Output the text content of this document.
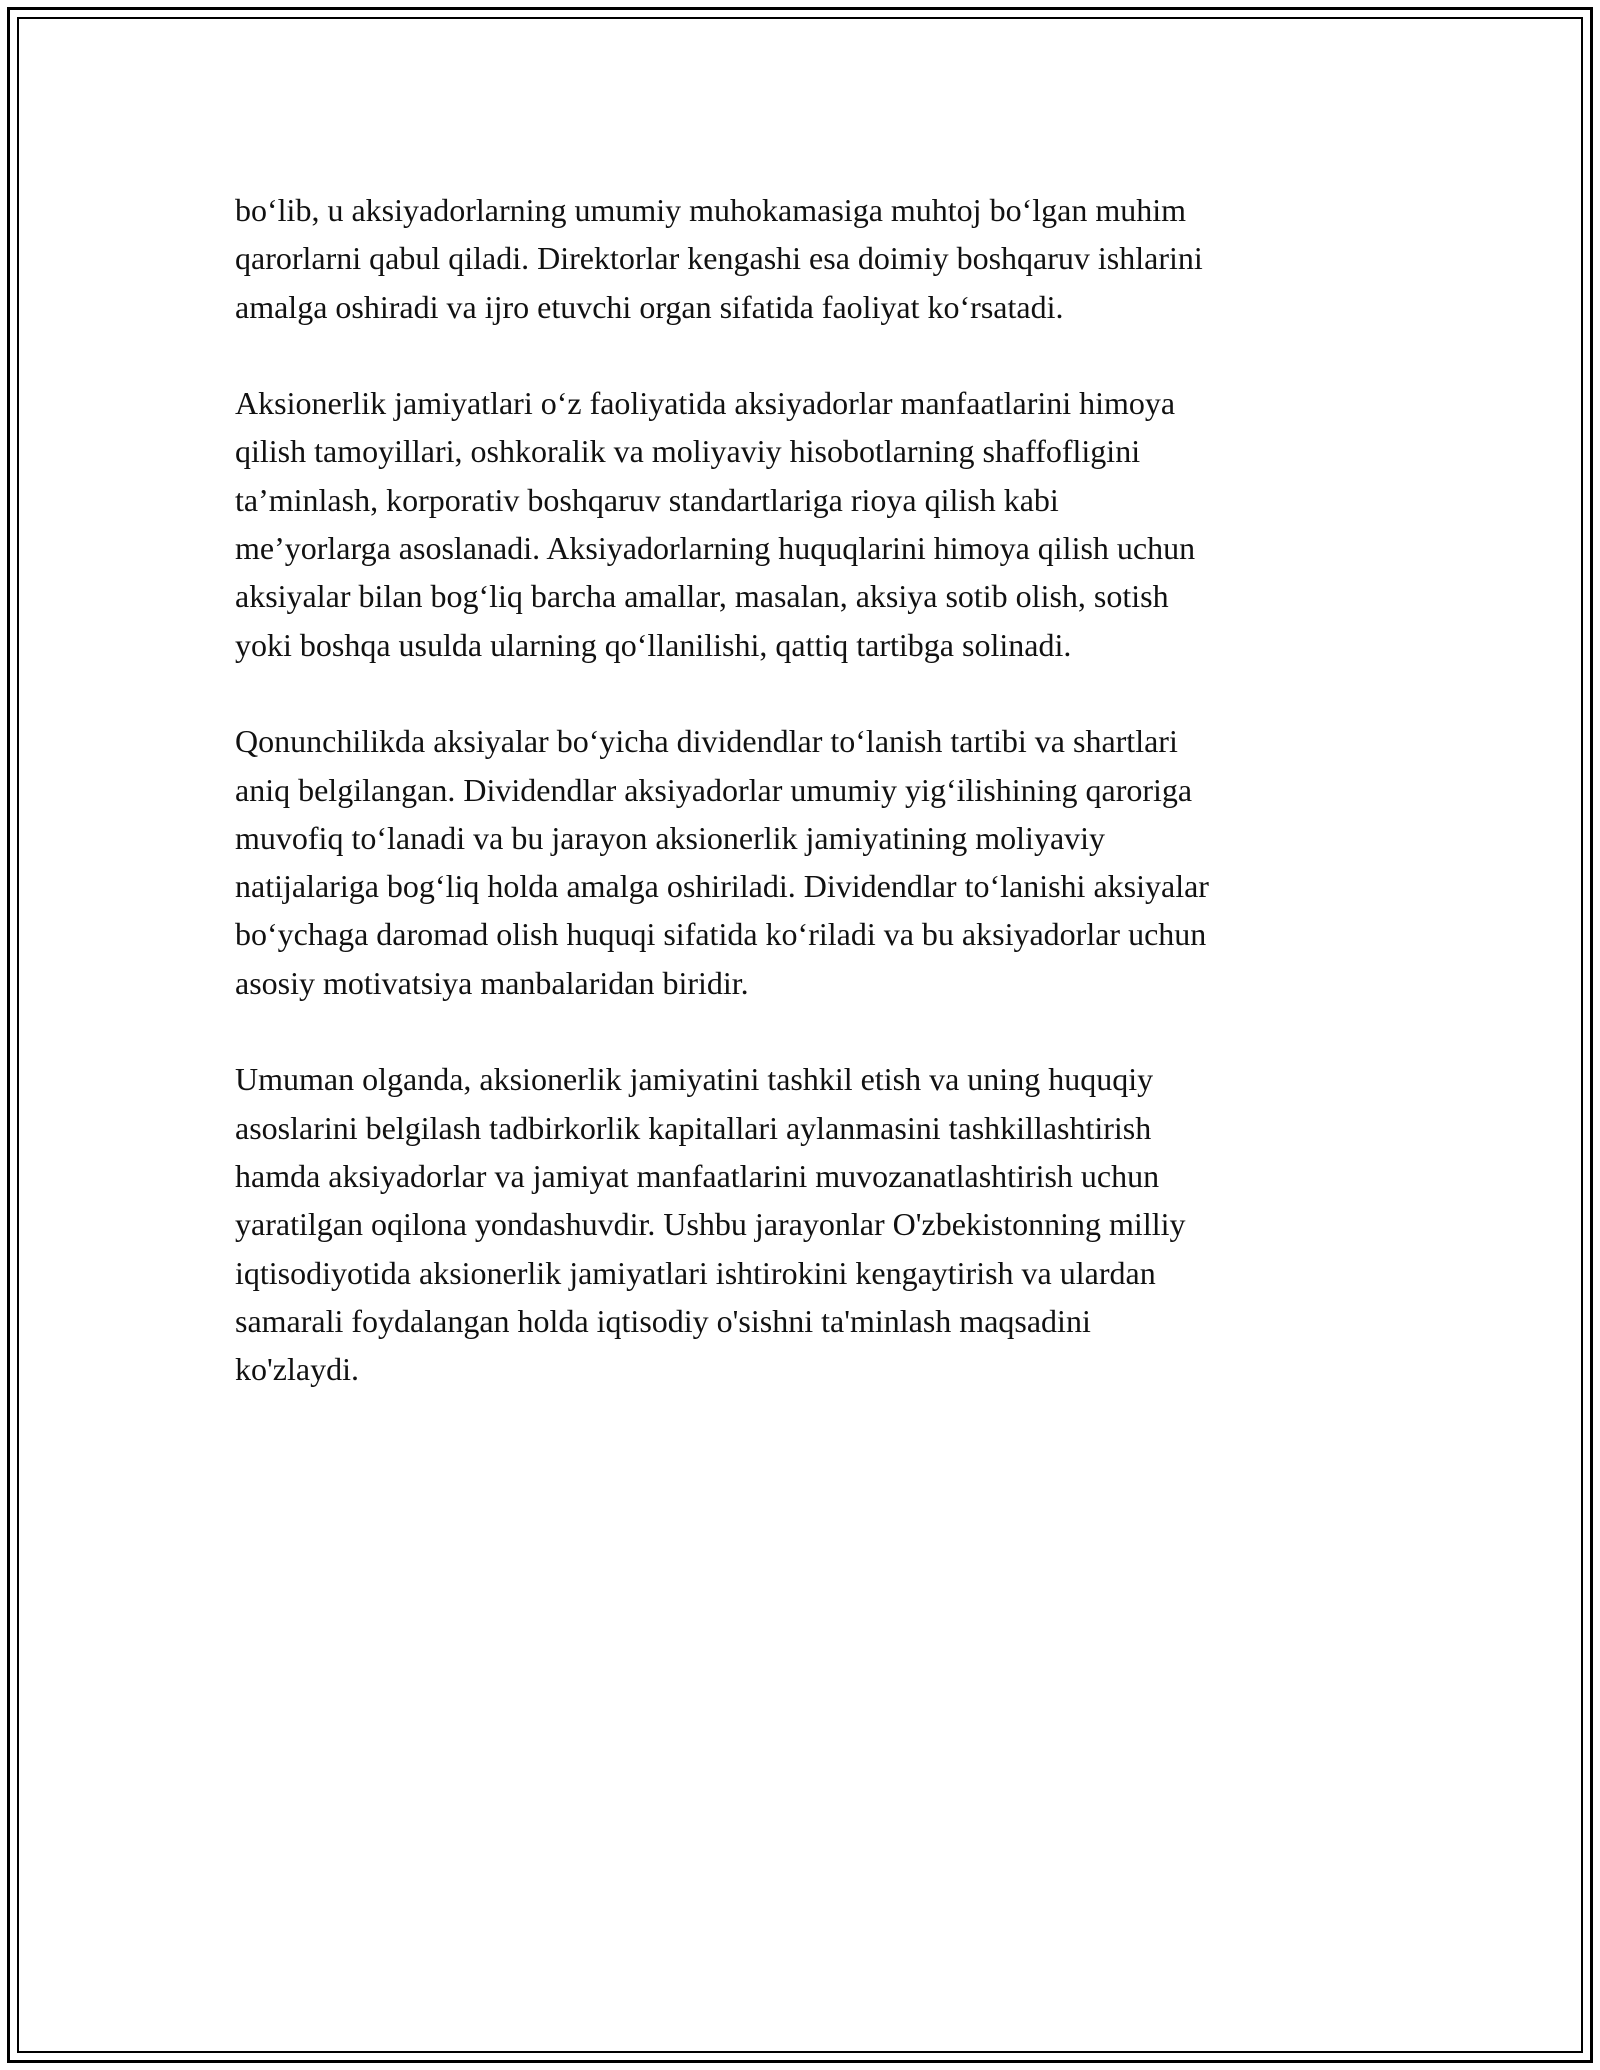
bo‘lib, u aksiyadorlarning umumiy muhokamasiga muhtoj bo‘lgan muhim
qarorlarni qabul qiladi. Direktorlar kengashi esa doimiy boshqaruv ishlarini
amalga oshiradi va ijro etuvchi organ sifatida faoliyat ko‘rsatadi.

Aksionerlik jamiyatlari o‘z faoliyatida aksiyadorlar manfaatlarini himoya
qilish tamoyillari, oshkoralik va moliyaviy hisobotlarning shaffofligini
ta’minlash, korporativ boshqaruv standartlariga rioya qilish kabi
me’yorlarga asoslanadi. Aksiyadorlarning huquqlarini himoya qilish uchun
aksiyalar bilan bog‘liq barcha amallar, masalan, aksiya sotib olish, sotish
yoki boshqa usulda ularning qo‘llanilishi, qattiq tartibga solinadi.

Qonunchilikda aksiyalar bo‘yicha dividendlar to‘lanish tartibi va shartlari
aniq belgilangan. Dividendlar aksiyadorlar umumiy yig‘ilishining qaroriga
muvofiq to‘lanadi va bu jarayon aksionerlik jamiyatining moliyaviy
natijalariga bog‘liq holda amalga oshiriladi. Dividendlar to‘lanishi aksiyalar
bo‘ychaga daromad olish huquqi sifatida ko‘riladi va bu aksiyadorlar uchun
asosiy motivatsiya manbalaridan biridir.

Umuman olganda, aksionerlik jamiyatini tashkil etish va uning huquqiy
asoslarini belgilash tadbirkorlik kapitallari aylanmasini tashkillashtirish
hamda aksiyadorlar va jamiyat manfaatlarini muvozanatlashtirish uchun
yaratilgan oqilona yondashuvdir. Ushbu jarayonlar O'zbekistonning milliy
iqtisodiyotida aksionerlik jamiyatlari ishtirokini kengaytirish va ulardan
samarali foydalangan holda iqtisodiy o'sishni ta'minlash maqsadini
ko'zlaydi.
